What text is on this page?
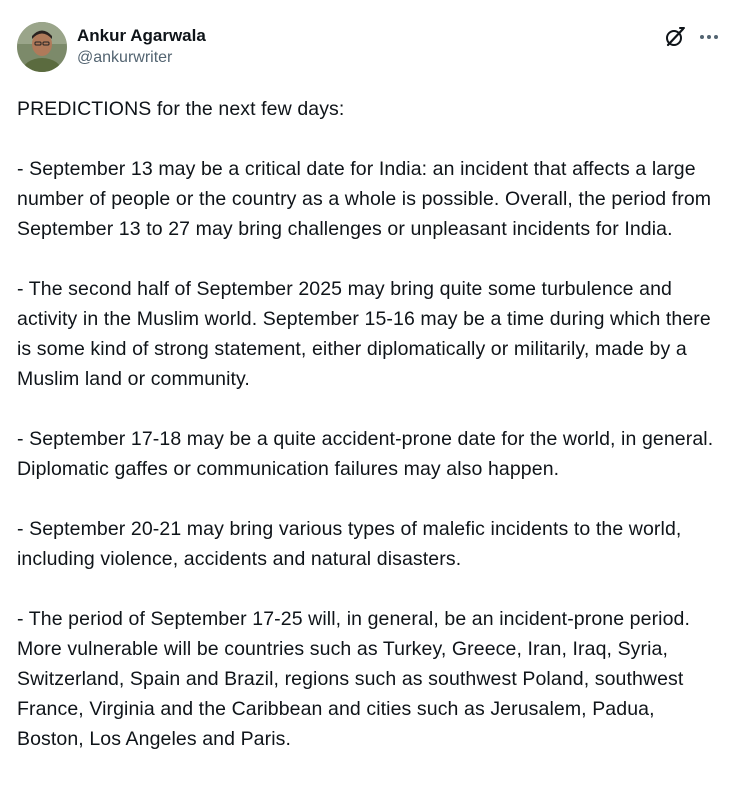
Ankur Agarwala
@ankurwriter

PREDICTIONS for the next few days:

- September 13 may be a critical date for India: an incident that affects a large number of people or the country as a whole is possible. Overall, the period from September 13 to 27 may bring challenges or unpleasant incidents for India.

- The second half of September 2025 may bring quite some turbulence and activity in the Muslim world. September 15-16 may be a time during which there is some kind of strong statement, either diplomatically or militarily, made by a Muslim land or community.

- September 17-18 may be a quite accident-prone date for the world, in general. Diplomatic gaffes or communication failures may also happen.

- September 20-21 may bring various types of malefic incidents to the world, including violence, accidents and natural disasters.

- The period of September 17-25 will, in general, be an incident-prone period. More vulnerable will be countries such as Turkey, Greece, Iran, Iraq, Syria, Switzerland, Spain and Brazil, regions such as southwest Poland, southwest France, Virginia and the Caribbean and cities such as Jerusalem, Padua, Boston, Los Angeles and Paris.
